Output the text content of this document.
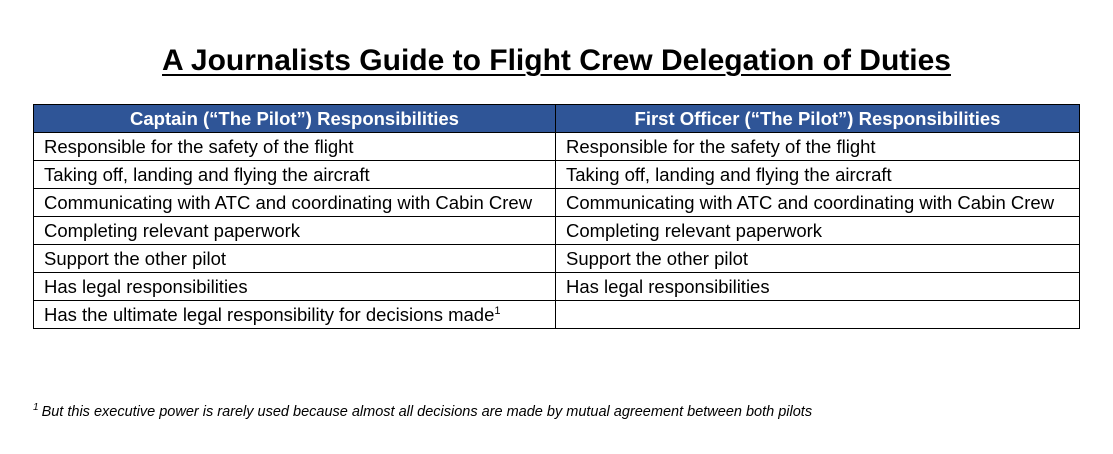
A Journalists Guide to Flight Crew Delegation of Duties
Captain (“The Pilot”) Responsibilities	First Officer (“The Pilot”) Responsibilities
Responsible for the safety of the flight	Responsible for the safety of the flight
Taking off, landing and flying the aircraft	Taking off, landing and flying the aircraft
Communicating with ATC and coordinating with Cabin Crew	Communicating with ATC and coordinating with Cabin Crew
Completing relevant paperwork	Completing relevant paperwork
Support the other pilot	Support the other pilot
Has legal responsibilities	Has legal responsibilities
Has the ultimate legal responsibility for decisions made$^1$	
$^1$ But this executive power is rarely used because almost all decisions are made by mutual agreement between both pilots
